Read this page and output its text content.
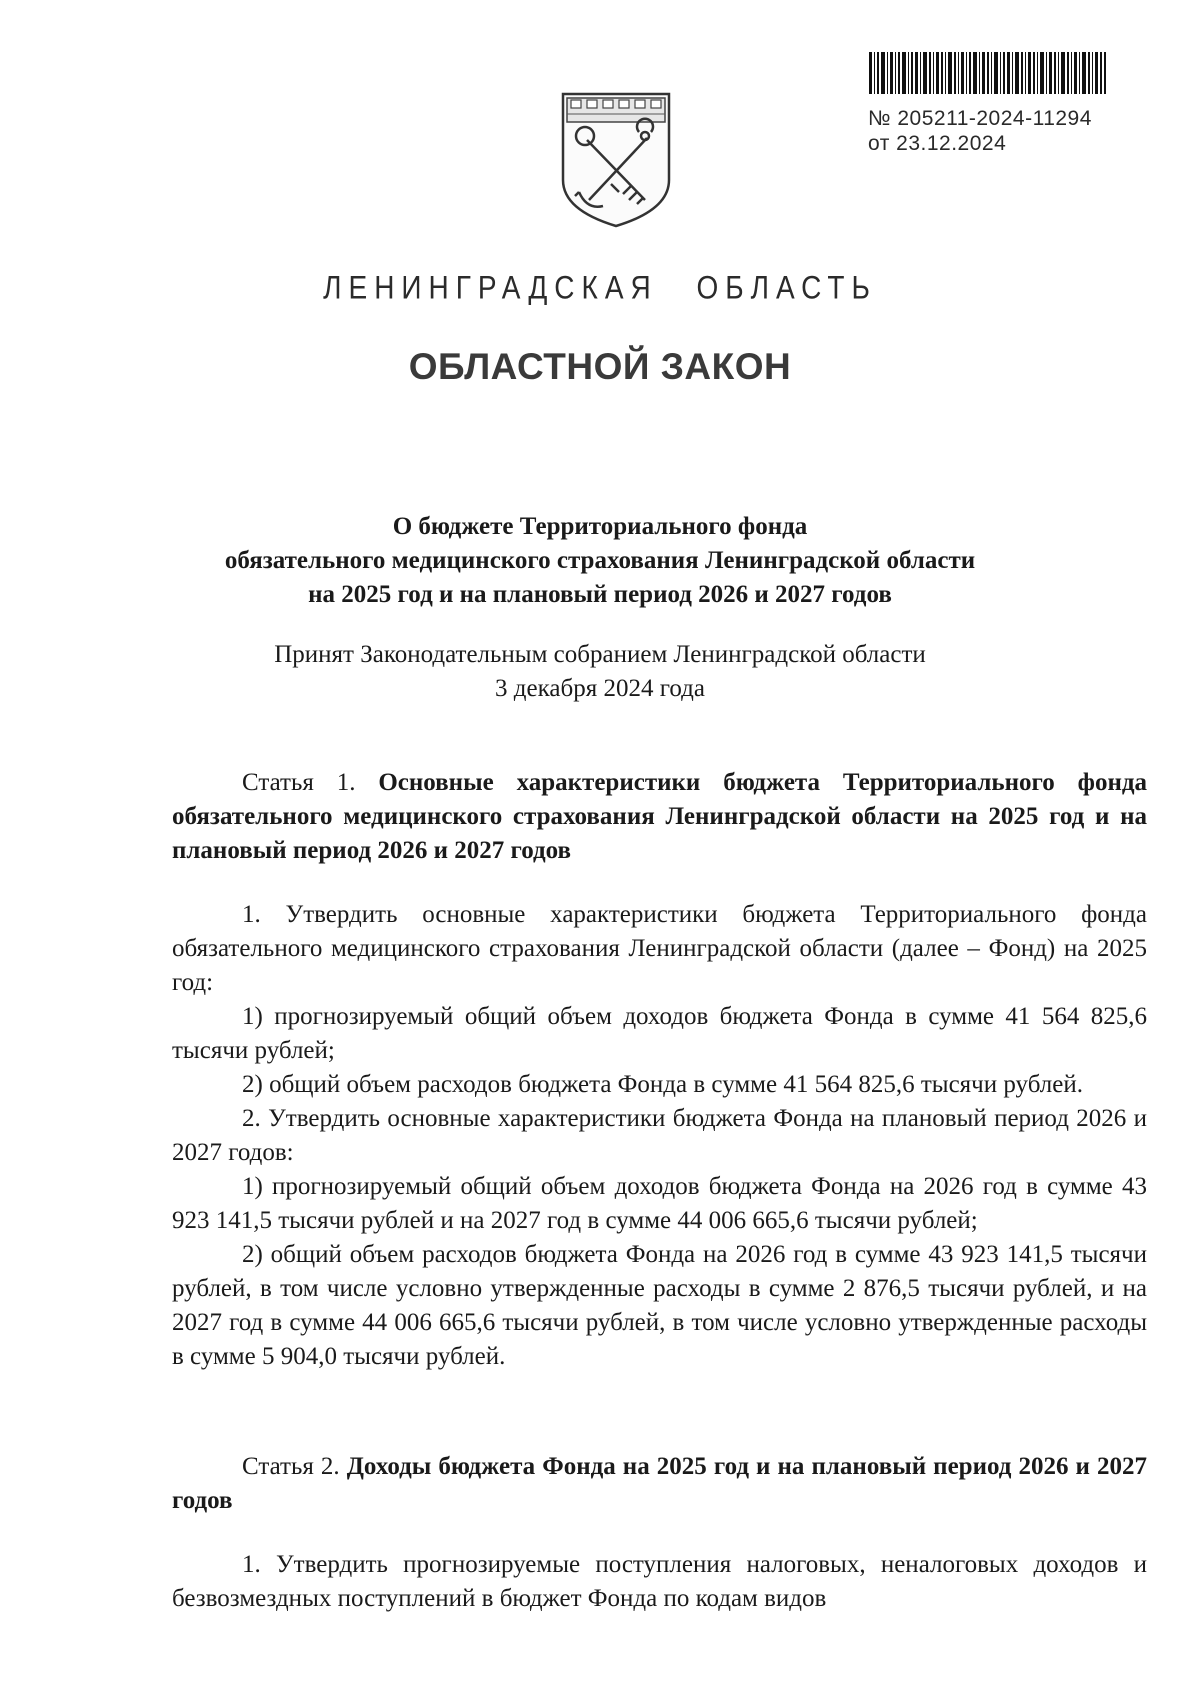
№ 205211-2024-11294
от 23.12.2024
ЛЕНИНГРАДСКАЯ ОБЛАСТЬ
ОБЛАСТНОЙ ЗАКОН
О бюджете Территориального фонда
обязательного медицинского страхования Ленинградской области
на 2025 год и на плановый период 2026 и 2027 годов
Принят Законодательным собранием Ленинградской области
3 декабря 2024 года

Статья 1. Основные характеристики бюджета Территориального фонда обязательного медицинского страхования Ленинградской области на 2025 год и на плановый период 2026 и 2027 годов

1. Утвердить основные характеристики бюджета Территориального фонда обязательного медицинского страхования Ленинградской области (далее – Фонд) на 2025 год:

1) прогнозируемый общий объем доходов бюджета Фонда в сумме 41 564 825,6 тысячи рублей;

2) общий объем расходов бюджета Фонда в сумме 41 564 825,6 тысячи рублей.

2. Утвердить основные характеристики бюджета Фонда на плановый период 2026 и 2027 годов:

1) прогнозируемый общий объем доходов бюджета Фонда на 2026 год в сумме 43 923 141,5 тысячи рублей и на 2027 год в сумме 44 006 665,6 тысячи рублей;

2) общий объем расходов бюджета Фонда на 2026 год в сумме 43 923 141,5 тысячи рублей, в том числе условно утвержденные расходы в сумме 2 876,5 тысячи рублей, и на 2027 год в сумме 44 006 665,6 тысячи рублей, в том числе условно утвержденные расходы в сумме 5 904,0 тысячи рублей.

Статья 2. Доходы бюджета Фонда на 2025 год и на плановый период 2026 и 2027 годов

1. Утвердить прогнозируемые поступления налоговых, неналоговых доходов и безвозмездных поступлений в бюджет Фонда по кодам видов
